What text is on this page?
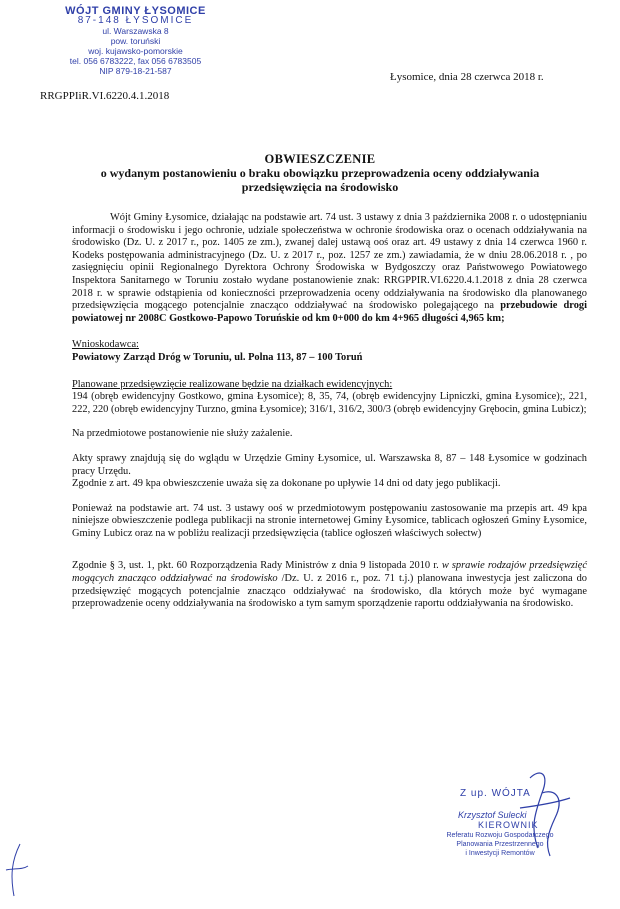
WÓJT GMINY ŁYSOMICE
87-148 ŁYSOMICE
ul. Warszawska 8
pow. toruński
woj. kujawsko-pomorskie
tel. 056 6783222, fax 056 6783505
NIP 879-18-21-587	Łysomice, dnia 28 czerwca 2018 r.
RRGPPIiR.VI.6220.4.1.2018
OBWIESZCZENIE
o wydanym postanowieniu o braku obowiązku przeprowadzenia oceny oddziaływania
przedsięwzięcia na środowisko

Wójt Gminy Łysomice, działając na podstawie art. 74 ust. 3 ustawy z dnia 3 października 2008 r. o udostępnianiu informacji o środowisku i jego ochronie, udziale społeczeństwa w ochronie środowiska oraz o ocenach oddziaływania na środowisko (Dz. U. z 2017 r., poz. 1405 ze zm.), zwanej dalej ustawą ooś oraz art. 49 ustawy z dnia 14 czerwca 1960 r. Kodeks postępowania administracyjnego (Dz. U. z 2017 r., poz. 1257 ze zm.) zawiadamia, że w dniu 28.06.2018 r. , po zasięgnięciu opinii Regionalnego Dyrektora Ochrony Środowiska w Bydgoszczy oraz Państwowego Powiatowego Inspektora Sanitarnego w Toruniu zostało wydane postanowienie znak: RRGPPIR.VI.6220.4.1.2018 z dnia 28 czerwca 2018 r. w sprawie odstąpienia od konieczności przeprowadzenia oceny oddziaływania na środowisko dla planowanego przedsięwzięcia mogącego potencjalnie znacząco oddziaływać na środowisko polegającego na przebudowie drogi powiatowej nr 2008C Gostkowo-Papowo Toruńskie od km 0+000 do km 4+965 długości 4,965 km;

Wnioskodawca:

Powiatowy Zarząd Dróg w Toruniu, ul. Polna 113, 87 – 100 Toruń

Planowane przedsięwzięcie realizowane będzie na działkach ewidencyjnych:

194 (obręb ewidencyjny Gostkowo, gmina Łysomice); 8, 35, 74, (obręb ewidencyjny Lipniczki, gmina Łysomice);, 221, 222, 220 (obręb ewidencyjny Turzno, gmina Łysomice); 316/1, 316/2, 300/3 (obręb ewidencyjny Grębocin, gmina Lubicz);

Na przedmiotowe postanowienie nie służy zażalenie.

Akty sprawy znajdują się do wglądu w Urzędzie Gminy Łysomice, ul. Warszawska 8, 87 – 148 Łysomice w godzinach pracy Urzędu.

Zgodnie z art. 49 kpa obwieszczenie uważa się za dokonane po upływie 14 dni od daty jego publikacji.

Ponieważ na podstawie art. 74 ust. 3 ustawy ooś w przedmiotowym postępowaniu zastosowanie ma przepis art. 49 kpa niniejsze obwieszczenie podlega publikacji na stronie internetowej Gminy Łysomice, tablicach ogłoszeń Gminy Łysomice, Gminy Lubicz oraz na w pobliżu realizacji przedsięwzięcia (tablice ogłoszeń właściwych sołectw)

Zgodnie § 3, ust. 1, pkt. 60 Rozporządzenia Rady Ministrów z dnia 9 listopada 2010 r. w sprawie rodzajów przedsięwzięć mogących znacząco oddziaływać na środowisko /Dz. U. z 2016 r., poz. 71 t.j.) planowana inwestycja jest zaliczona do przedsięwzięć mogących potencjalnie znacząco oddziaływać na środowisko, dla których może być wymagane przeprowadzenie oceny oddziaływania na środowisko a tym samym sporządzenie raportu oddziaływania na środowisko.

Z up. WÓJTA
Krzysztof Sulecki
KIEROWNIK
Referatu Rozwoju Gospodarczego
Planowania Przestrzennego
i Inwestycji Remontów
